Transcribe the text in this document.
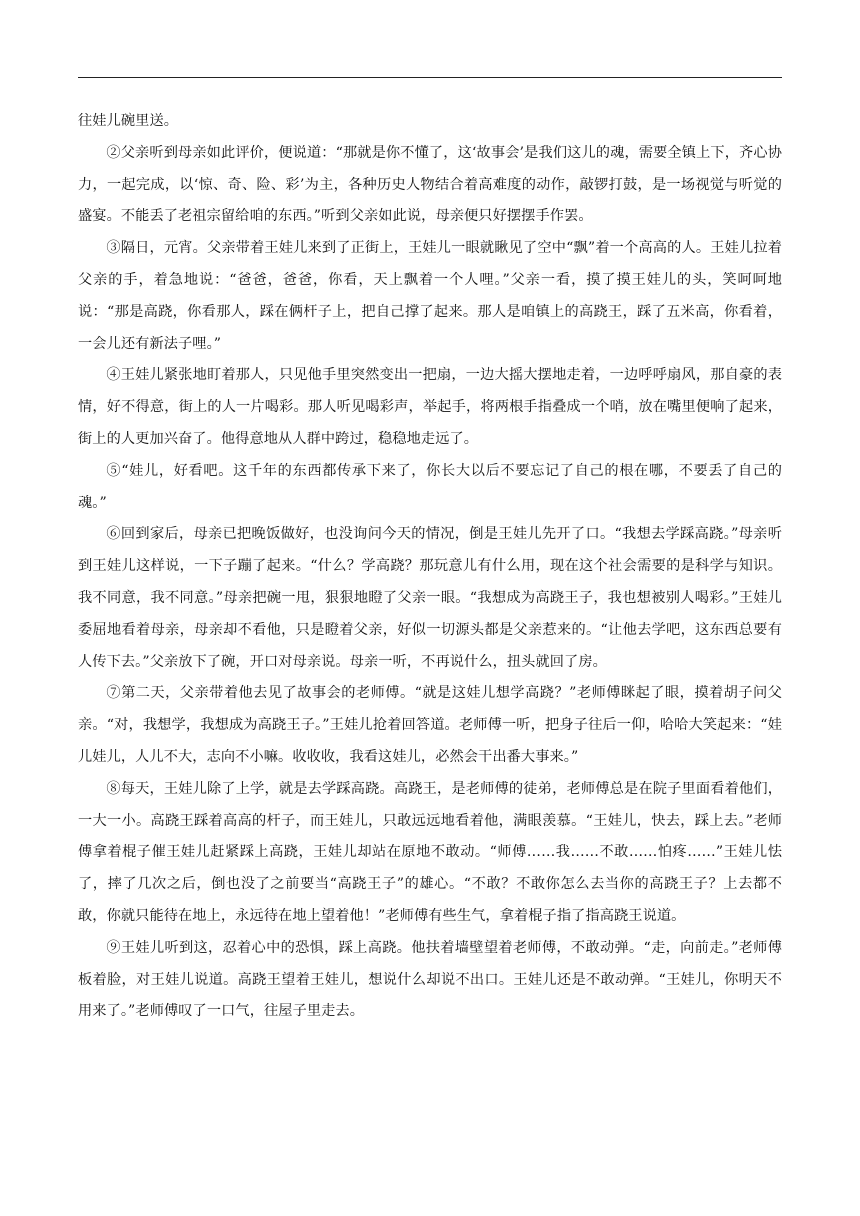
往娃儿碗里送。

②父亲听到母亲如此评价，便说道：“那就是你不懂了，这‘故事会’是我们这儿的魂，需要全镇上下，齐心协力，一起完成，以‘惊、奇、险、彩’为主，各种历史人物结合着高难度的动作，敲锣打鼓，是一场视觉与听觉的盛宴。不能丢了老祖宗留给咱的东西。”听到父亲如此说，母亲便只好摆摆手作罢。

③隔日，元宵。父亲带着王娃儿来到了正街上，王娃儿一眼就瞅见了空中“飘”着一个高高的人。王娃儿拉着父亲的手，着急地说：“爸爸，爸爸，你看，天上飘着一个人哩。”父亲一看，摸了摸王娃儿的头，笑呵呵地说：“那是高跷，你看那人，踩在俩杆子上，把自己撑了起来。那人是咱镇上的高跷王，踩了五米高，你看着，一会儿还有新法子哩。”

④王娃儿紧张地盯着那人，只见他手里突然变出一把扇，一边大摇大摆地走着，一边呼呼扇风，那自豪的表情，好不得意，街上的人一片喝彩。那人听见喝彩声，举起手，将两根手指叠成一个哨，放在嘴里便响了起来，街上的人更加兴奋了。他得意地从人群中跨过，稳稳地走远了。

⑤“娃儿，好看吧。这千年的东西都传承下来了，你长大以后不要忘记了自己的根在哪，不要丢了自己的魂。”

⑥回到家后，母亲已把晚饭做好，也没询问今天的情况，倒是王娃儿先开了口。“我想去学踩高跷。”母亲听到王娃儿这样说，一下子蹦了起来。“什么？学高跷？那玩意儿有什么用，现在这个社会需要的是科学与知识。我不同意，我不同意。”母亲把碗一甩，狠狠地瞪了父亲一眼。“我想成为高跷王子，我也想被别人喝彩。”王娃儿委屈地看着母亲，母亲却不看他，只是瞪着父亲，好似一切源头都是父亲惹来的。“让他去学吧，这东西总要有人传下去。”父亲放下了碗，开口对母亲说。母亲一听，不再说什么，扭头就回了房。

⑦第二天，父亲带着他去见了故事会的老师傅。“就是这娃儿想学高跷？”老师傅眯起了眼，摸着胡子问父亲。“对，我想学，我想成为高跷王子。”王娃儿抢着回答道。老师傅一听，把身子往后一仰，哈哈大笑起来：“娃儿娃儿，人儿不大，志向不小嘛。收收收，我看这娃儿，必然会干出番大事来。”

⑧每天，王娃儿除了上学，就是去学踩高跷。高跷王，是老师傅的徒弟，老师傅总是在院子里面看着他们，一大一小。高跷王踩着高高的杆子，而王娃儿，只敢远远地看着他，满眼羡慕。“王娃儿，快去，踩上去。”老师傅拿着棍子催王娃儿赶紧踩上高跷，王娃儿却站在原地不敢动。“师傅……我……不敢……怕疼……”王娃儿怯了，摔了几次之后，倒也没了之前要当“高跷王子”的雄心。“不敢？不敢你怎么去当你的高跷王子？上去都不敢，你就只能待在地上，永远待在地上望着他！”老师傅有些生气，拿着棍子指了指高跷王说道。

⑨王娃儿听到这，忍着心中的恐惧，踩上高跷。他扶着墙壁望着老师傅，不敢动弹。“走，向前走。”老师傅板着脸，对王娃儿说道。高跷王望着王娃儿，想说什么却说不出口。王娃儿还是不敢动弹。“王娃儿，你明天不用来了。”老师傅叹了一口气，往屋子里走去。
